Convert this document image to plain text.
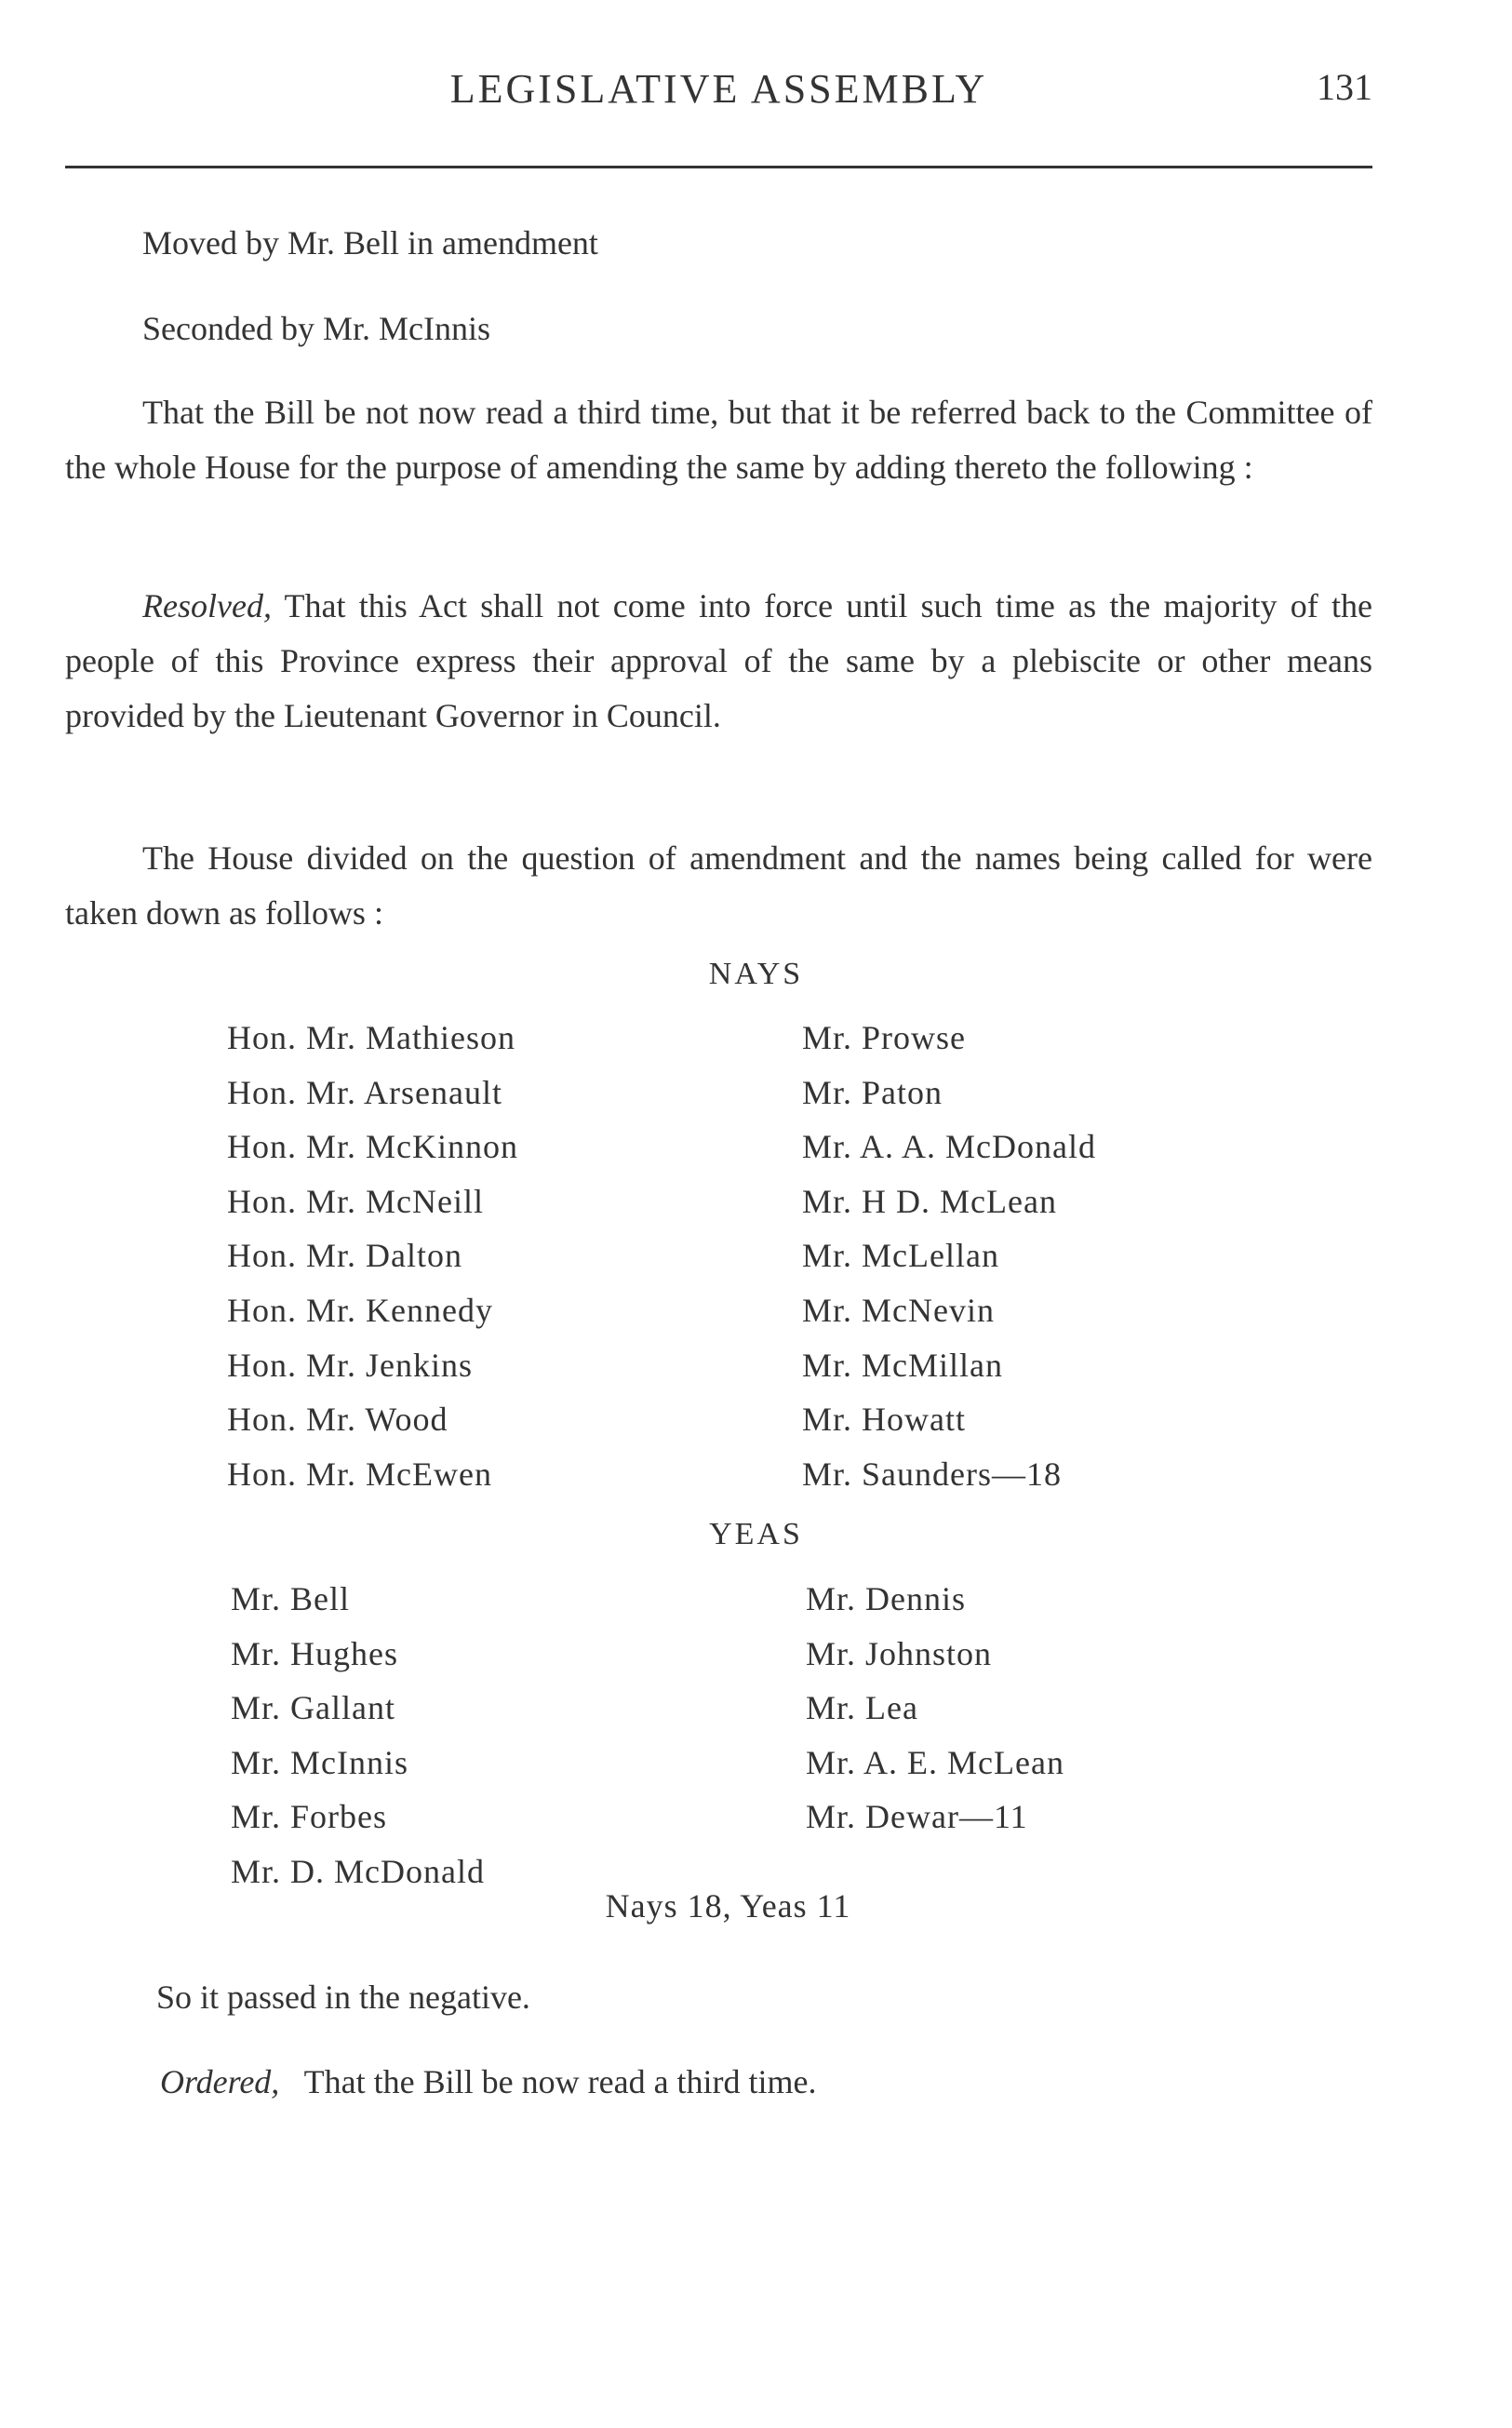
LEGISLATIVE ASSEMBLY	131

Moved by Mr. Bell in amendment

Seconded by Mr. McInnis

That the Bill be not now read a third time, but that it be referred back to the Committee of the whole House for the purpose of amending the same by adding thereto the following :

Resolved, That this Act shall not come into force until such time as the majority of the people of this Province express their approval of the same by a plebiscite or other means provided by the Lieutenant Governor in Council.

The House divided on the question of amendment and the names being called for were taken down as follows :

NAYS
Hon. Mr. Mathieson
Hon. Mr. Arsenault
Hon. Mr. McKinnon
Hon. Mr. McNeill
Hon. Mr. Dalton
Hon. Mr. Kennedy
Hon. Mr. Jenkins
Hon. Mr. Wood
Hon. Mr. McEwen
Mr. Prowse
Mr. Paton
Mr. A. A. McDonald
Mr. H D. McLean
Mr. McLellan
Mr. McNevin
Mr. McMillan
Mr. Howatt
Mr. Saunders—18
YEAS
Mr. Bell
Mr. Hughes
Mr. Gallant
Mr. McInnis
Mr. Forbes
Mr. D. McDonald
Mr. Dennis
Mr. Johnston
Mr. Lea
Mr. A. E. McLean
Mr. Dewar—11
Nays 18, Yeas 11

So it passed in the negative.

Ordered, That the Bill be now read a third time.
